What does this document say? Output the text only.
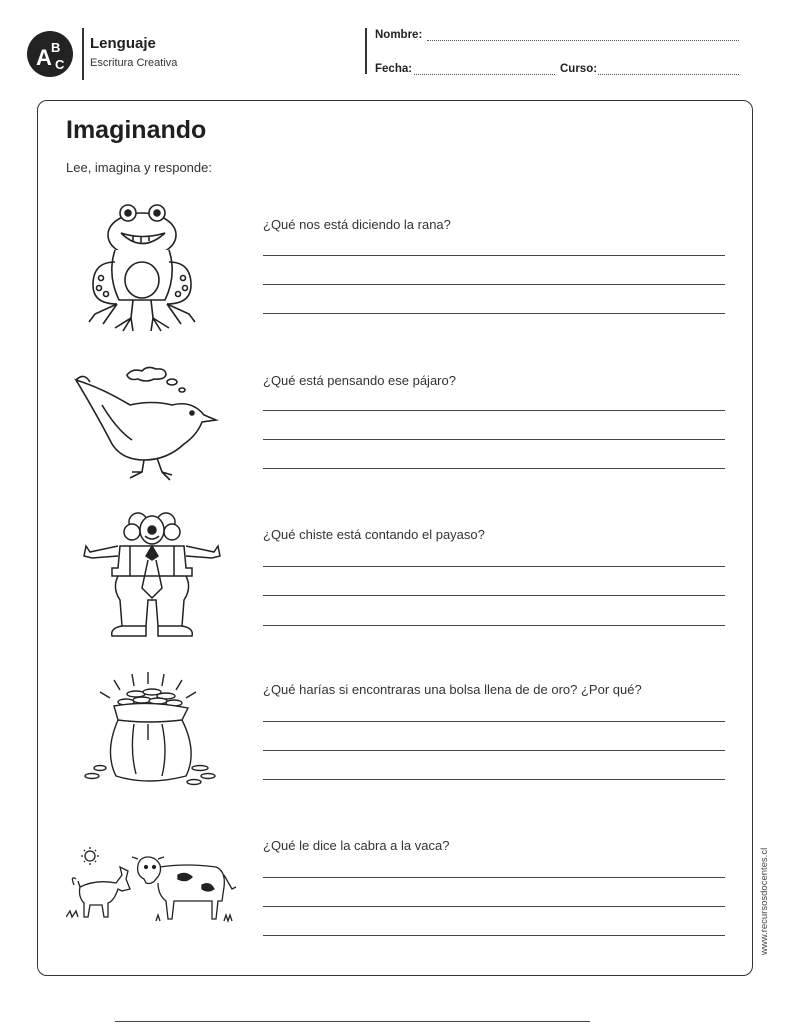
A B
C
Lenguaje
Escritura Creativa
Nombre:
Fecha:	Curso:
Imaginando
Lee, imagina y responde:
¿Qué nos está diciendo la rana?
¿Qué está pensando ese pájaro?
¿Qué chiste está contando el payaso?
¿Qué harías si encontraras una bolsa llena de de oro? ¿Por qué?
¿Qué le dice la cabra a la vaca?
www.recursosdocentes.cl
